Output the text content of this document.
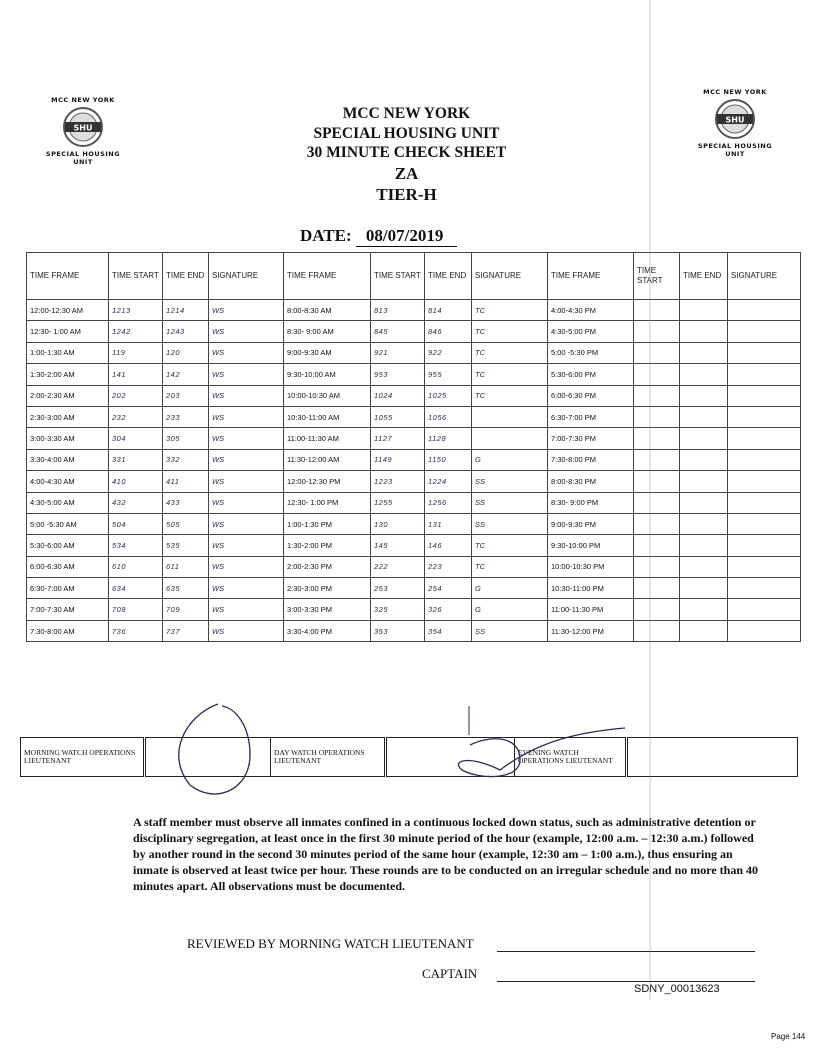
MCC NEW YORK
SHU
SPECIAL HOUSING UNIT
MCC NEW YORK
SHU
SPECIAL HOUSING UNIT
MCC NEW YORK
SPECIAL HOUSING UNIT
30 MINUTE CHECK SHEET
ZA
TIER-H
DATE: 08/07/2019
TIME FRAME	TIME START	TIME END	SIGNATURE	TIME FRAME	TIME START	TIME END	SIGNATURE	TIME FRAME	TIME START	TIME END	SIGNATURE
12:00-12:30 AM	1213	1214	WS	8:00-8:30 AM	813	814	TC	4:00-4:30 PM			
12:30- 1:00 AM	1242	1243	WS	8:30- 9:00 AM	845	846	TC	4:30-5:00 PM			
1:00-1:30 AM	119	120	WS	9:00-9:30 AM	921	922	TC	5:00 -5:30 PM			
1:30-2:00 AM	141	142	WS	9:30-10:00 AM	953	955	TC	5:30-6:00 PM			
2:00-2:30 AM	202	203	WS	10:00-10:30 AM	1024	1025	TC	6:00-6:30 PM			
2:30-3:00 AM	232	233	WS	10:30-11:00 AM	1055	1056		6:30-7:00 PM			
3:00-3:30 AM	304	305	WS	11:00-11:30 AM	1127	1128		7:00-7:30 PM			
3:30-4:00 AM	331	332	WS	11:30-12:00 AM	1149	1150	G	7:30-8:00 PM			
4:00-4:30 AM	410	411	WS	12:00-12:30 PM	1223	1224	SS	8:00-8:30 PM			
4:30-5:00 AM	432	433	WS	12:30- 1:00 PM	1255	1256	SS	8:30- 9:00 PM			
5:00 -5:30 AM	504	505	WS	1:00-1:30 PM	130	131	SS	9:00-9:30 PM			
5:30-6:00 AM	534	535	WS	1:30-2:00 PM	145	146	TC	9:30-10:00 PM			
6:00-6:30 AM	610	611	WS	2:00-2:30 PM	222	223	TC	10:00-10:30 PM			
6:30-7:00 AM	634	635	WS	2:30-3:00 PM	253	254	G	10:30-11:00 PM			
7:00-7:30 AM	708	709	WS	3:00-3:30 PM	325	326	G	11:00-11:30 PM			
7:30-8:00 AM	736	737	WS	3:30-4:00 PM	353	354	SS	11:30-12:00 PM			
MORNING WATCH OPERATIONS LIEUTENANT		DAY WATCH OPERATIONS LIEUTENANT		EVENING WATCH OPERATIONS LIEUTENANT	
A staff member must observe all inmates confined in a continuous locked down status, such as administrative detention or disciplinary segregation, at least once in the first 30 minute period of the hour (example, 12:00 a.m. – 12:30 a.m.) followed by another round in the second 30 minutes period of the same hour (example, 12:30 am – 1:00 a.m.), thus ensuring an inmate is observed at least twice per hour. These rounds are to be conducted on an irregular schedule and no more than 40 minutes apart. All observations must be documented.
REVIEWED BY MORNING WATCH LIEUTENANT
CAPTAIN
SDNY_00013623
Page 144
